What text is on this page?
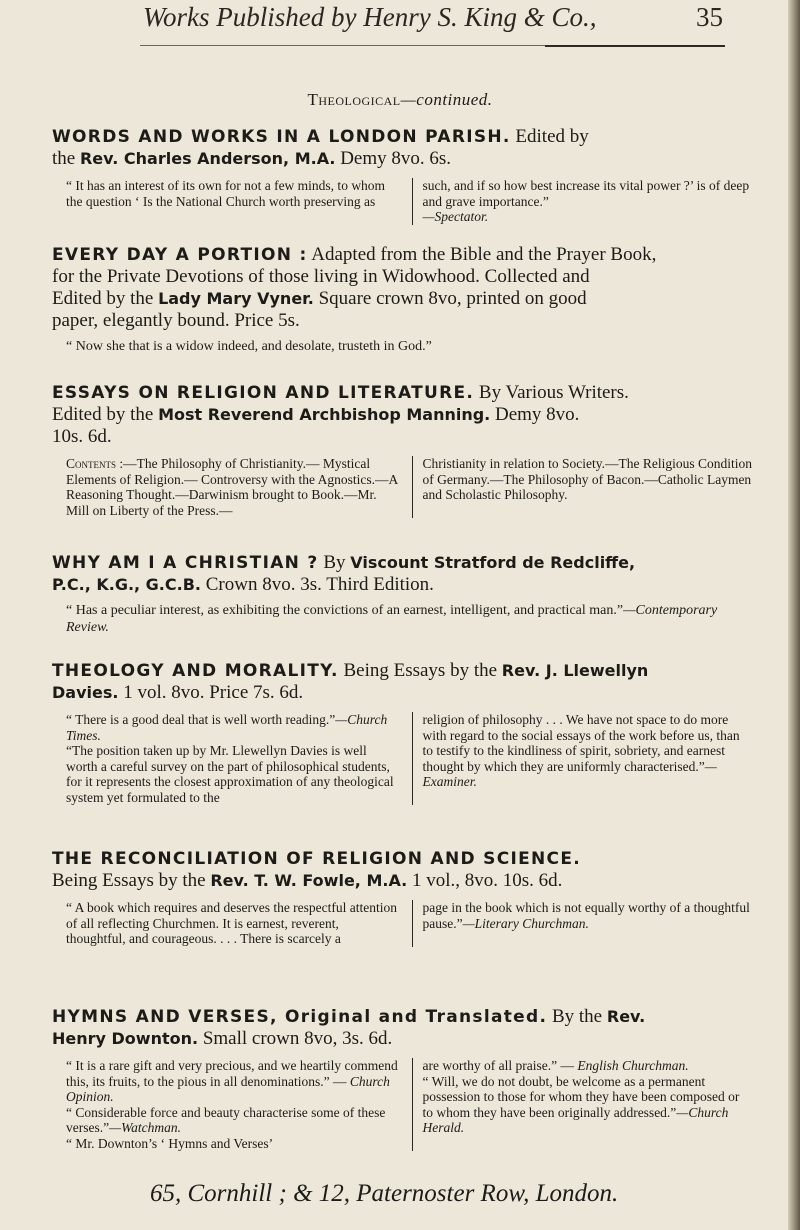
Works Published by Henry S. King & Co.,	35
Theological—continued.

WORDS AND WORKS IN A LONDON PARISH. Edited by
the Rev. Charles Anderson, M.A. Demy 8vo. 6s.

“ It has an interest of its own for not a few minds, to whom the question ‘ Is the National Church worth preserving as
such, and if so how best increase its vital power ?’ is of deep and grave importance.”
—Spectator.

EVERY DAY A PORTION : Adapted from the Bible and the Prayer Book,
for the Private Devotions of those living in Widowhood. Collected and
Edited by the Lady Mary Vyner. Square crown 8vo, printed on good
paper, elegantly bound. Price 5s.

“ Now she that is a widow indeed, and desolate, trusteth in God.”

ESSAYS ON RELIGION AND LITERATURE. By Various Writers.
Edited by the Most Reverend Archbishop Manning. Demy 8vo.
10s. 6d.

Contents :—The Philosophy of Christianity.— Mystical Elements of Religion.— Controversy with the Agnostics.—A Reasoning Thought.—Darwinism brought to Book.—Mr. Mill on Liberty of the Press.—
Christianity in relation to Society.—The Religious Condition of Germany.—The Philosophy of Bacon.—Catholic Laymen and Scholastic Philosophy.

WHY AM I A CHRISTIAN ? By Viscount Stratford de Redcliffe,
P.C., K.G., G.C.B. Crown 8vo. 3s. Third Edition.

“ Has a peculiar interest, as exhibiting the convictions of an earnest, intelligent, and practical man.”—Contemporary Review.

THEOLOGY AND MORALITY. Being Essays by the Rev. J. Llewellyn
Davies. 1 vol. 8vo. Price 7s. 6d.

“ There is a good deal that is well worth reading.”—Church Times.
“The position taken up by Mr. Llewellyn Davies is well worth a careful survey on the part of philosophical students, for it represents the closest approximation of any theological system yet formulated to the
religion of philosophy . . . We have not space to do more with regard to the social essays of the work before us, than to testify to the kindliness of spirit, sobriety, and earnest thought by which they are uniformly characterised.”—Examiner.

THE RECONCILIATION OF RELIGION AND SCIENCE.
Being Essays by the Rev. T. W. Fowle, M.A. 1 vol., 8vo. 10s. 6d.

“ A book which requires and deserves the respectful attention of all reflecting Churchmen. It is earnest, reverent, thoughtful, and courageous. . . . There is scarcely a
page in the book which is not equally worthy of a thoughtful pause.”—Literary Churchman.

HYMNS AND VERSES, Original and Translated. By the Rev.
Henry Downton. Small crown 8vo, 3s. 6d.

“ It is a rare gift and very precious, and we heartily commend this, its fruits, to the pious in all denominations.” — Church Opinion.
“ Considerable force and beauty characterise some of these verses.”—Watchman.
“ Mr. Downton’s ‘ Hymns and Verses’
are worthy of all praise.” — English Churchman.
“ Will, we do not doubt, be welcome as a permanent possession to those for whom they have been composed or to whom they have been originally addressed.”—Church Herald.
65, Cornhill ; & 12, Paternoster Row, London.
